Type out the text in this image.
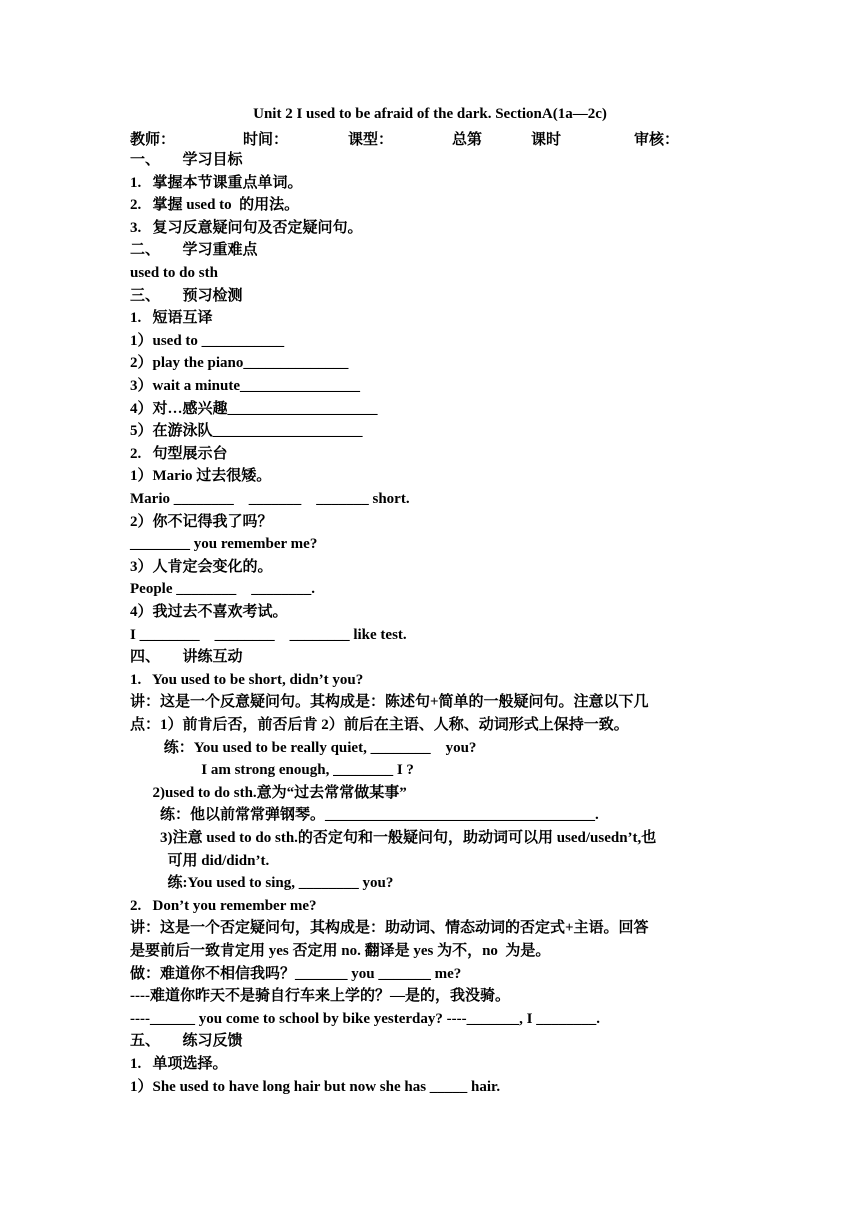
Unit 2 I used to be afraid of the dark. SectionA(1a—2c)
教师：	时间：	课型：	总第	课时	审核：
一、      学习目标
1.   掌握本节课重点单词。
2.   掌握 used to  的用法。
3.   复习反意疑问句及否定疑问句。
二、      学习重难点
used to do sth
三、      预习检测
1.   短语互译
1）used to ___________
2）play the piano______________
3）wait a minute________________
4）对…感兴趣____________________
5）在游泳队____________________
2.   句型展示台
1）Mario 过去很矮。
Mario ________    _______    _______ short.
2）你不记得我了吗？
________ you remember me?
3）人肯定会变化的。
People ________    ________.
4）我过去不喜欢考试。
I ________    ________    ________ like test.
四、      讲练互动
1.   You used to be short, didn’t you?
讲：这是一个反意疑问句。其构成是：陈述句+简单的一般疑问句。注意以下几
点：1）前肯后否，前否后肯 2）前后在主语、人称、动词形式上保持一致。
练：You used to be really quiet, ________    you?
I am strong enough, ________ I ?
2)used to do sth.意为“过去常常做某事”
练：他以前常常弹钢琴。____________________________________.
3)注意 used to do sth.的否定句和一般疑问句，助动词可以用 used/usedn’t,也
可用 did/didn’t.
练:You used to sing, ________ you?
2.   Don’t you remember me?
讲：这是一个否定疑问句，其构成是：助动词、情态动词的否定式+主语。回答
是要前后一致肯定用 yes 否定用 no. 翻译是 yes 为不，no  为是。
做：难道你不相信我吗？_______ you _______ me?
----难道你昨天不是骑自行车来上学的？—是的，我没骑。
----______ you come to school by bike yesterday? ----_______, I ________.
五、      练习反馈
1.   单项选择。
1）She used to have long hair but now she has _____ hair.
